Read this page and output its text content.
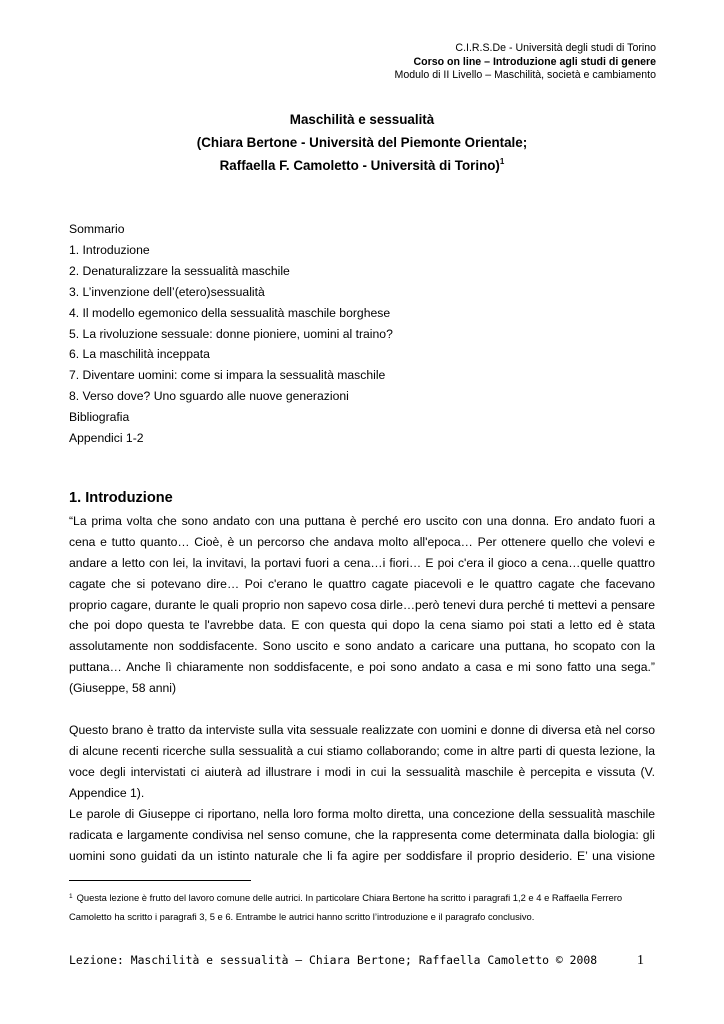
C.I.R.S.De - Università degli studi di Torino
Corso on line – Introduzione agli studi di genere
Modulo di II Livello – Maschilità, società e cambiamento
Maschilità e sessualità
(Chiara Bertone - Università del Piemonte Orientale;
Raffaella F. Camoletto - Università di Torino)$^1$
Sommario
1. Introduzione
2. Denaturalizzare la sessualità maschile
3. L’invenzione dell’(etero)sessualità
4. Il modello egemonico della sessualità maschile borghese
5. La rivoluzione sessuale: donne pioniere, uomini al traino?
6. La maschilità inceppata
7. Diventare uomini: come si impara la sessualità maschile
8. Verso dove? Uno sguardo alle nuove generazioni
Bibliografia
Appendici 1-2
1. Introduzione
“La prima volta che sono andato con una puttana è perché ero uscito con una donna. Ero andato fuori a
cena e tutto quanto… Cioè, è un percorso che andava molto all'epoca… Per ottenere quello che volevi e
andare a letto con lei, la invitavi, la portavi fuori a cena…i fiori… E poi c'era il gioco a cena…quelle quattro
cagate che si potevano dire… Poi c'erano le quattro cagate piacevoli e le quattro cagate che facevano
proprio cagare, durante le quali proprio non sapevo cosa dirle…però tenevi dura perché ti mettevi a pensare
che poi dopo questa te l'avrebbe data. E con questa qui dopo la cena siamo poi stati a letto ed è stata
assolutamente non soddisfacente. Sono uscito e sono andato a caricare una puttana, ho scopato con la
puttana… Anche lì chiaramente non soddisfacente, e poi sono andato a casa e mi sono fatto una sega.”
(Giuseppe, 58 anni)
Questo brano è tratto da interviste sulla vita sessuale realizzate con uomini e donne di diversa età nel corso
di alcune recenti ricerche sulla sessualità a cui stiamo collaborando; come in altre parti di questa lezione, la
voce degli intervistati ci aiuterà ad illustrare i modi in cui la sessualità maschile è percepita e vissuta (V.
Appendice 1).
Le parole di Giuseppe ci riportano, nella loro forma molto diretta, una concezione della sessualità maschile
radicata e largamente condivisa nel senso comune, che la rappresenta come determinata dalla biologia: gli
uomini sono guidati da un istinto naturale che li fa agire per soddisfare il proprio desiderio. E’ una visione
$^1$ Questa lezione è frutto del lavoro comune delle autrici. In particolare Chiara Bertone ha scritto i paragrafi 1,2 e 4 e Raffaella Ferrero
Camoletto ha scritto i paragrafi 3, 5 e 6. Entrambe le autrici hanno scritto l’introduzione e il paragrafo conclusivo.
Lezione: Maschilità e sessualità – Chiara Bertone; Raffaella Camoletto © 2008	1
